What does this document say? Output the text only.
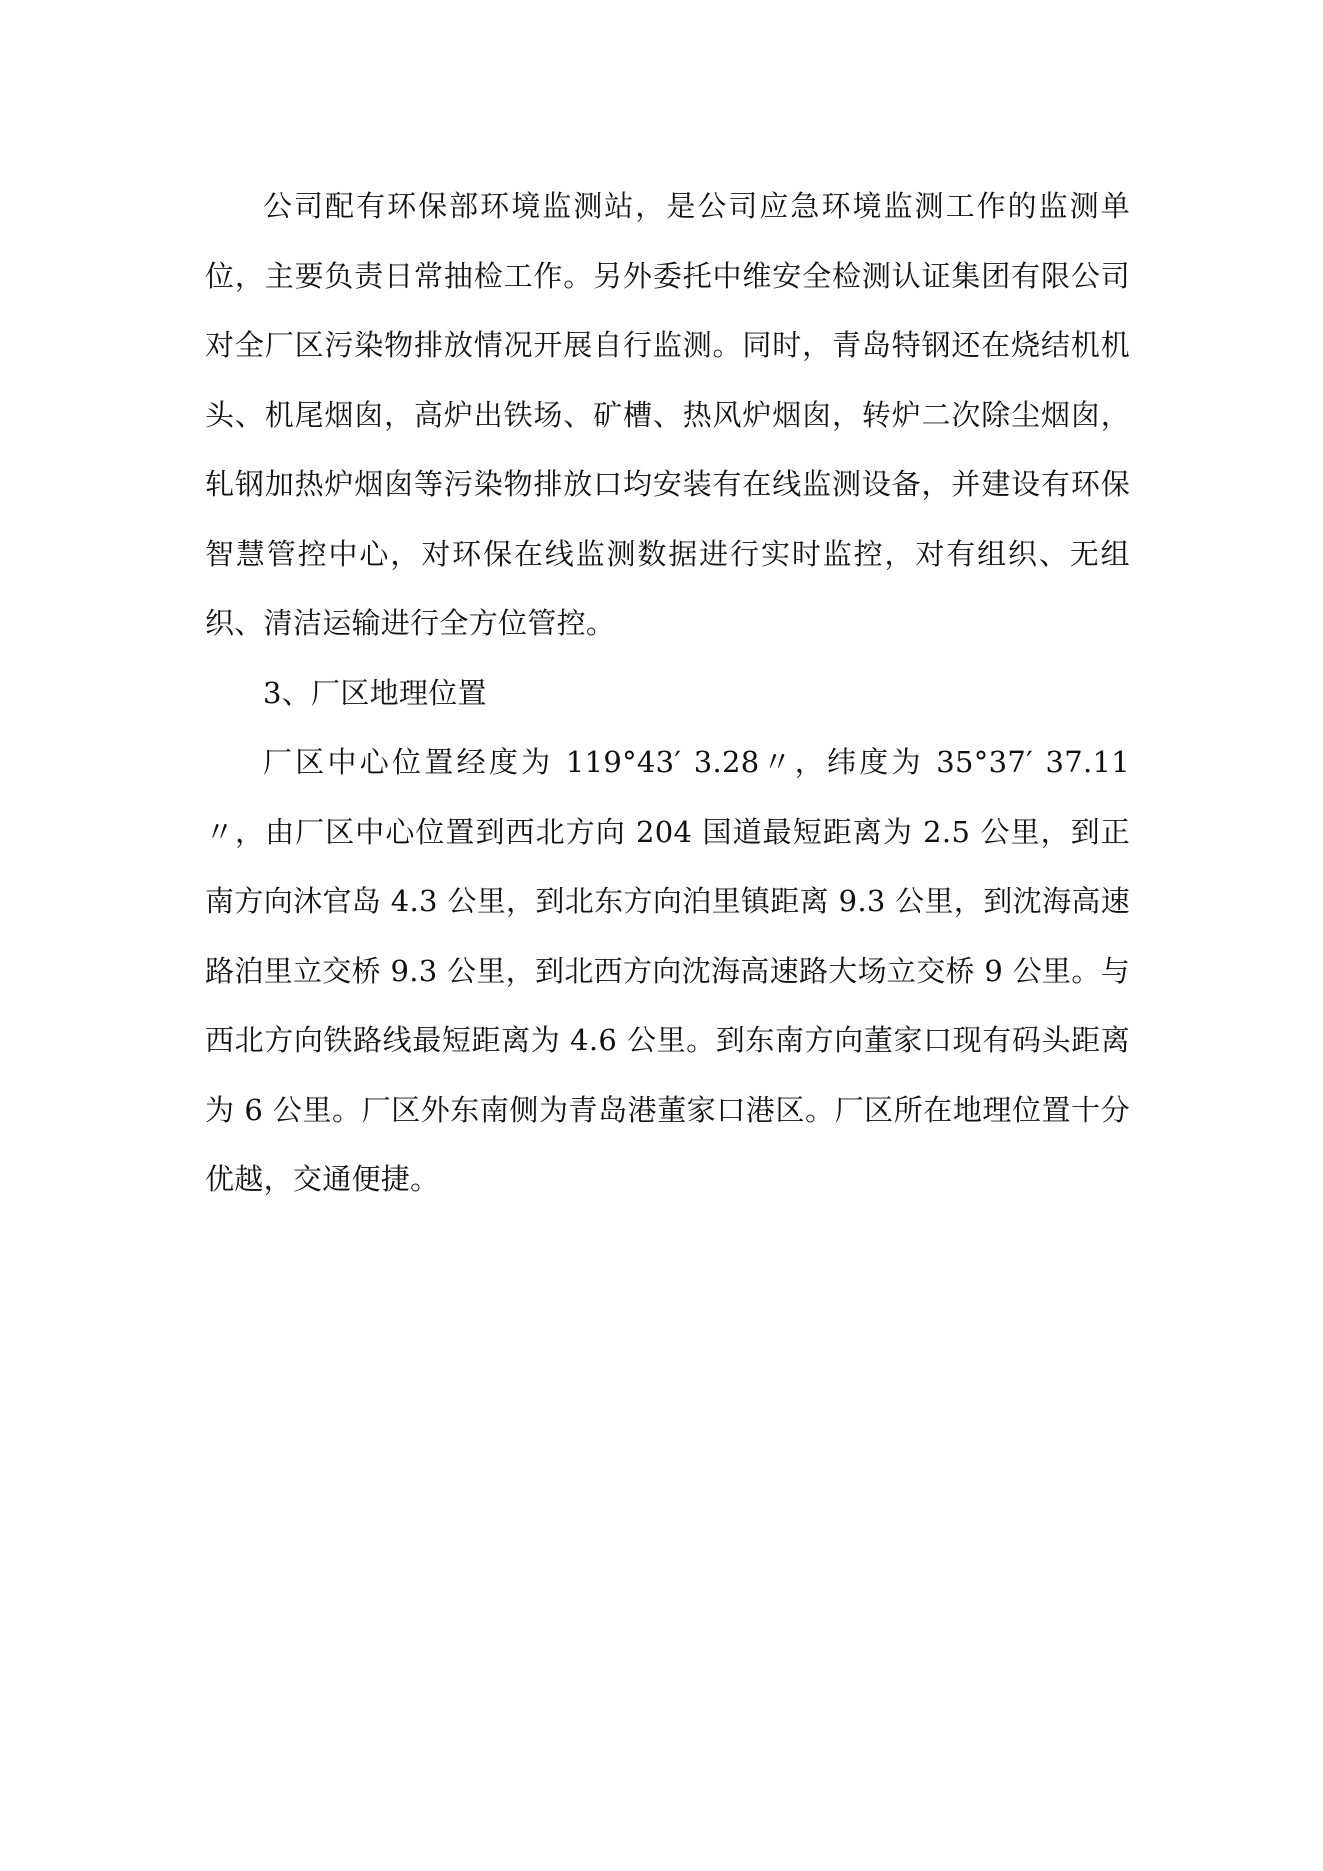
公司配有环保部环境监测站，是公司应急环境监测工作的监测单位，主要负责日常抽检工作。另外委托中维安全检测认证集团有限公司对全厂区污染物排放情况开展自行监测。同时，青岛特钢还在烧结机机头、机尾烟囱，高炉出铁场、矿槽、热风炉烟囱，转炉二次除尘烟囱，轧钢加热炉烟囱等污染物排放口均安装有在线监测设备，并建设有环保智慧管控中心，对环保在线监测数据进行实时监控，对有组织、无组织、清洁运输进行全方位管控。

3、厂区地理位置

厂区中心位置经度为 119°43′ 3.28〃，纬度为 35°37′ 37.11〃，由厂区中心位置到西北方向 204 国道最短距离为 2.5 公里，到正南方向沐官岛 4.3 公里，到北东方向泊里镇距离 9.3 公里，到沈海高速路泊里立交桥 9.3 公里，到北西方向沈海高速路大场立交桥 9 公里。与西北方向铁路线最短距离为 4.6 公里。到东南方向董家口现有码头距离为 6 公里。厂区外东南侧为青岛港董家口港区。厂区所在地理位置十分优越，交通便捷。
